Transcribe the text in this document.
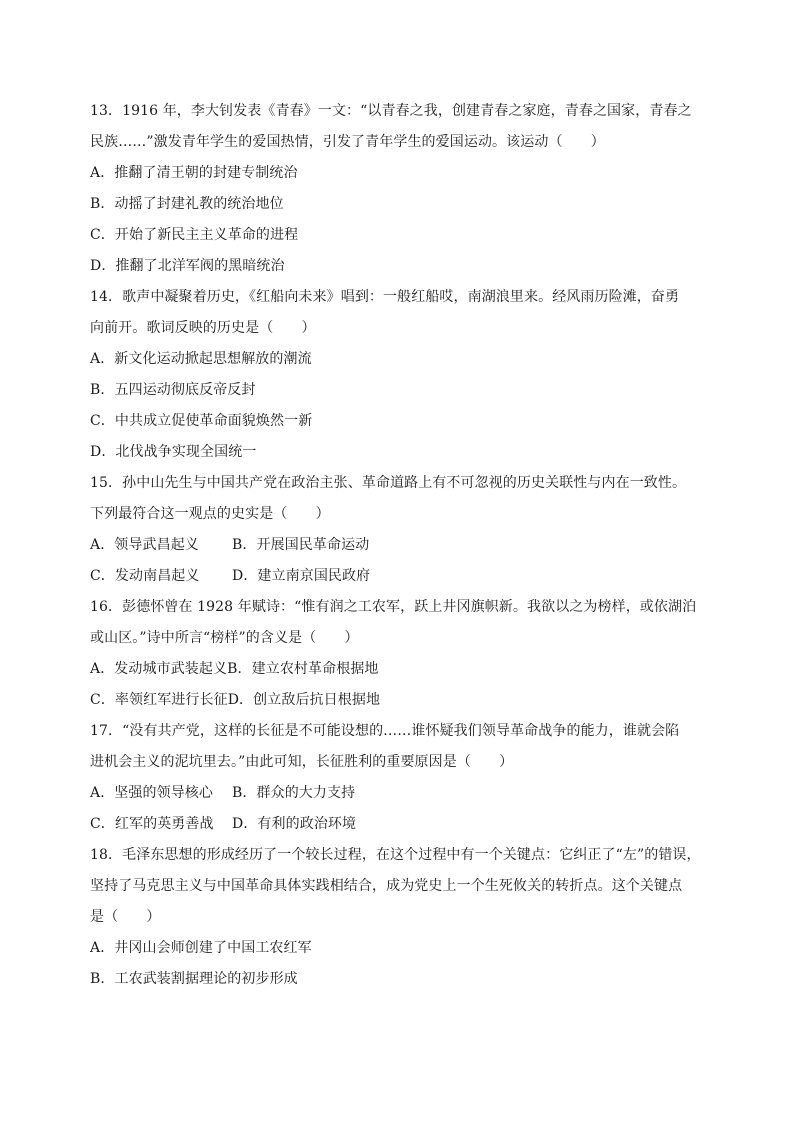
13．1916 年，李大钊发表《青春》一文：“以青春之我，创建青春之家庭，青春之国家，青春之
民族……”激发青年学生的爱国热情，引发了青年学生的爱国运动。该运动（　　）
A．推翻了清王朝的封建专制统治
B．动摇了封建礼教的统治地位
C．开始了新民主主义革命的进程
D．推翻了北洋军阀的黑暗统治
14．歌声中凝聚着历史，《红船向未来》唱到：一般红船哎，南湖浪里来。经风雨历险滩，奋勇
向前开。歌词反映的历史是（　　）
A．新文化运动掀起思想解放的潮流
B．五四运动彻底反帝反封
C．中共成立促使革命面貌焕然一新
D．北伐战争实现全国统一
15．孙中山先生与中国共产党在政治主张、革命道路上有不可忽视的历史关联性与内在一致性。
下列最符合这一观点的史实是（　　）
A．领导武昌起义 B．开展国民革命运动
C．发动南昌起义 D．建立南京国民政府
16．彭德怀曾在 1928 年赋诗：“惟有润之工农军，跃上井冈旗帜新。我欲以之为榜样，或依湖泊
或山区。”诗中所言“榜样”的含义是（　　）
A．发动城市武装起义B．建立农村革命根据地
C．率领红军进行长征D．创立敌后抗日根据地
17．“没有共产党，这样的长征是不可能设想的……谁怀疑我们领导革命战争的能力，谁就会陷
进机会主义的泥坑里去。”由此可知，长征胜利的重要原因是（　　）
A．坚强的领导核心 B．群众的大力支持
C．红军的英勇善战 D．有利的政治环境
18．毛泽东思想的形成经历了一个较长过程，在这个过程中有一个关键点：它纠正了“左”的错误，
坚持了马克思主义与中国革命具体实践相结合，成为党史上一个生死攸关的转折点。这个关键点
是（　　）
A．井冈山会师创建了中国工农红军
B．工农武装割据理论的初步形成
